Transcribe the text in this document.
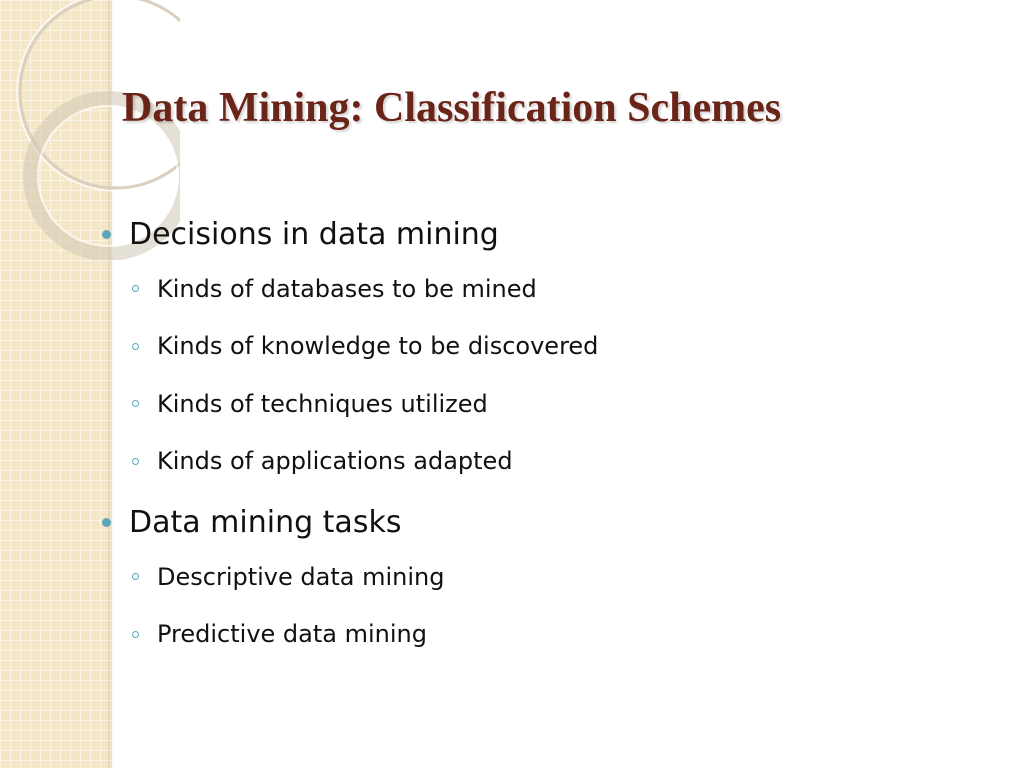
Data Mining: Classification Schemes
Decisions in data mining
Kinds of databases to be mined
Kinds of knowledge to be discovered
Kinds of techniques utilized
Kinds of applications adapted
Data mining tasks
Descriptive data mining
Predictive data mining
